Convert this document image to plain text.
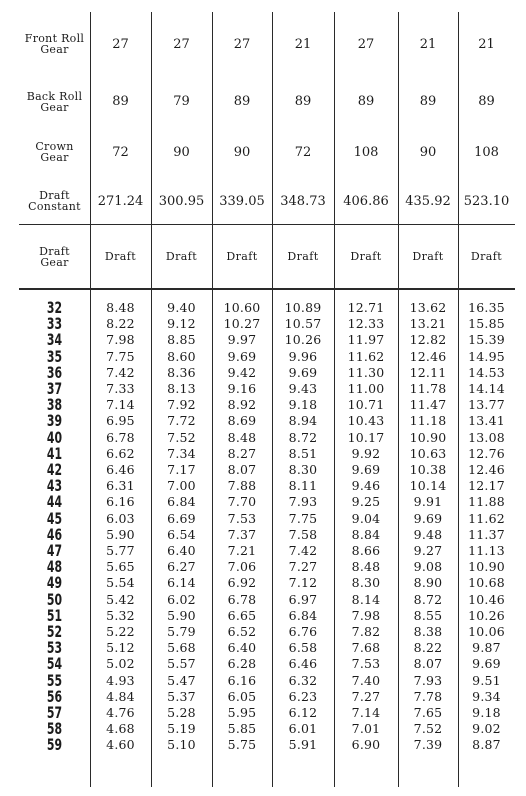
Front Roll Gear	27	27	27	21	27	21	21
Back Roll Gear	89	79	89	89	89	89	89
Crown Gear	72	90	90	72	108	90	108
Draft Constant	271.24	300.95	339.05	348.73	406.86	435.92	523.10
Draft Gear	Draft	Draft	Draft	Draft	Draft	Draft	Draft
32	8.48	9.40	10.60	10.89	12.71	13.62	16.35
33	8.22	9.12	10.27	10.57	12.33	13.21	15.85
34	7.98	8.85	9.97	10.26	11.97	12.82	15.39
35	7.75	8.60	9.69	9.96	11.62	12.46	14.95
36	7.42	8.36	9.42	9.69	11.30	12.11	14.53
37	7.33	8.13	9.16	9.43	11.00	11.78	14.14
38	7.14	7.92	8.92	9.18	10.71	11.47	13.77
39	6.95	7.72	8.69	8.94	10.43	11.18	13.41
40	6.78	7.52	8.48	8.72	10.17	10.90	13.08
41	6.62	7.34	8.27	8.51	9.92	10.63	12.76
42	6.46	7.17	8.07	8.30	9.69	10.38	12.46
43	6.31	7.00	7.88	8.11	9.46	10.14	12.17
44	6.16	6.84	7.70	7.93	9.25	9.91	11.88
45	6.03	6.69	7.53	7.75	9.04	9.69	11.62
46	5.90	6.54	7.37	7.58	8.84	9.48	11.37
47	5.77	6.40	7.21	7.42	8.66	9.27	11.13
48	5.65	6.27	7.06	7.27	8.48	9.08	10.90
49	5.54	6.14	6.92	7.12	8.30	8.90	10.68
50	5.42	6.02	6.78	6.97	8.14	8.72	10.46
51	5.32	5.90	6.65	6.84	7.98	8.55	10.26
52	5.22	5.79	6.52	6.76	7.82	8.38	10.06
53	5.12	5.68	6.40	6.58	7.68	8.22	9.87
54	5.02	5.57	6.28	6.46	7.53	8.07	9.69
55	4.93	5.47	6.16	6.32	7.40	7.93	9.51
56	4.84	5.37	6.05	6.23	7.27	7.78	9.34
57	4.76	5.28	5.95	6.12	7.14	7.65	9.18
58	4.68	5.19	5.85	6.01	7.01	7.52	9.02
59	4.60	5.10	5.75	5.91	6.90	7.39	8.87
